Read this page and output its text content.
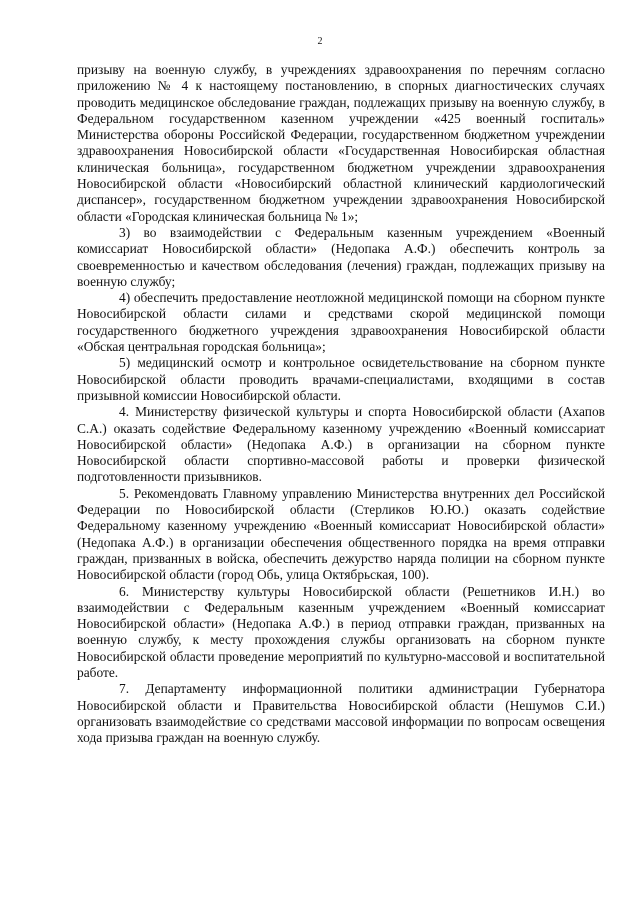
2

призыву на военную службу, в учреждениях здравоохранения по перечням согласно приложению № 4 к настоящему постановлению, в спорных диагностических случаях проводить медицинское обследование граждан, подлежащих призыву на военную службу, в Федеральном государственном казенном учреждении «425 военный госпиталь» Министерства обороны Российской Федерации, государственном бюджетном учреждении здравоохранения Новосибирской области «Государственная Новосибирская областная клиническая больница», государственном бюджетном учреждении здравоохранения Новосибирской области «Новосибирский областной клинический кардиологический диспансер», государственном бюджетном учреждении здравоохранения Новосибирской области «Городская клиническая больница № 1»;

3) во взаимодействии с Федеральным казенным учреждением «Военный комиссариат Новосибирской области» (Недопака А.Ф.) обеспечить контроль за своевременностью и качеством обследования (лечения) граждан, подлежащих призыву на военную службу;

4) обеспечить предоставление неотложной медицинской помощи на сборном пункте Новосибирской области силами и средствами скорой медицинской помощи государственного бюджетного учреждения здравоохранения Новосибирской области «Обская центральная городская больница»;

5) медицинский осмотр и контрольное освидетельствование на сборном пункте Новосибирской области проводить врачами-специалистами, входящими в состав призывной комиссии Новосибирской области.

4. Министерству физической культуры и спорта Новосибирской области (Ахапов С.А.) оказать содействие Федеральному казенному учреждению «Военный комиссариат Новосибирской области» (Недопака А.Ф.) в организации на сборном пункте Новосибирской области спортивно-массовой работы и проверки физической подготовленности призывников.

5. Рекомендовать Главному управлению Министерства внутренних дел Российской Федерации по Новосибирской области (Стерликов Ю.Ю.) оказать содействие Федеральному казенному учреждению «Военный комиссариат Новосибирской области» (Недопака А.Ф.) в организации обеспечения общественного порядка на время отправки граждан, призванных в войска, обеспечить дежурство наряда полиции на сборном пункте Новосибирской области (город Обь, улица Октябрьская, 100).

6. Министерству культуры Новосибирской области (Решетников И.Н.) во взаимодействии с Федеральным казенным учреждением «Военный комиссариат Новосибирской области» (Недопака А.Ф.) в период отправки граждан, призванных на военную службу, к месту прохождения службы организовать на сборном пункте Новосибирской области проведение мероприятий по культурно-массовой и воспитательной работе.

7. Департаменту информационной политики администрации Губернатора Новосибирской области и Правительства Новосибирской области (Нешумов С.И.) организовать взаимодействие со средствами массовой информации по вопросам освещения хода призыва граждан на военную службу.
